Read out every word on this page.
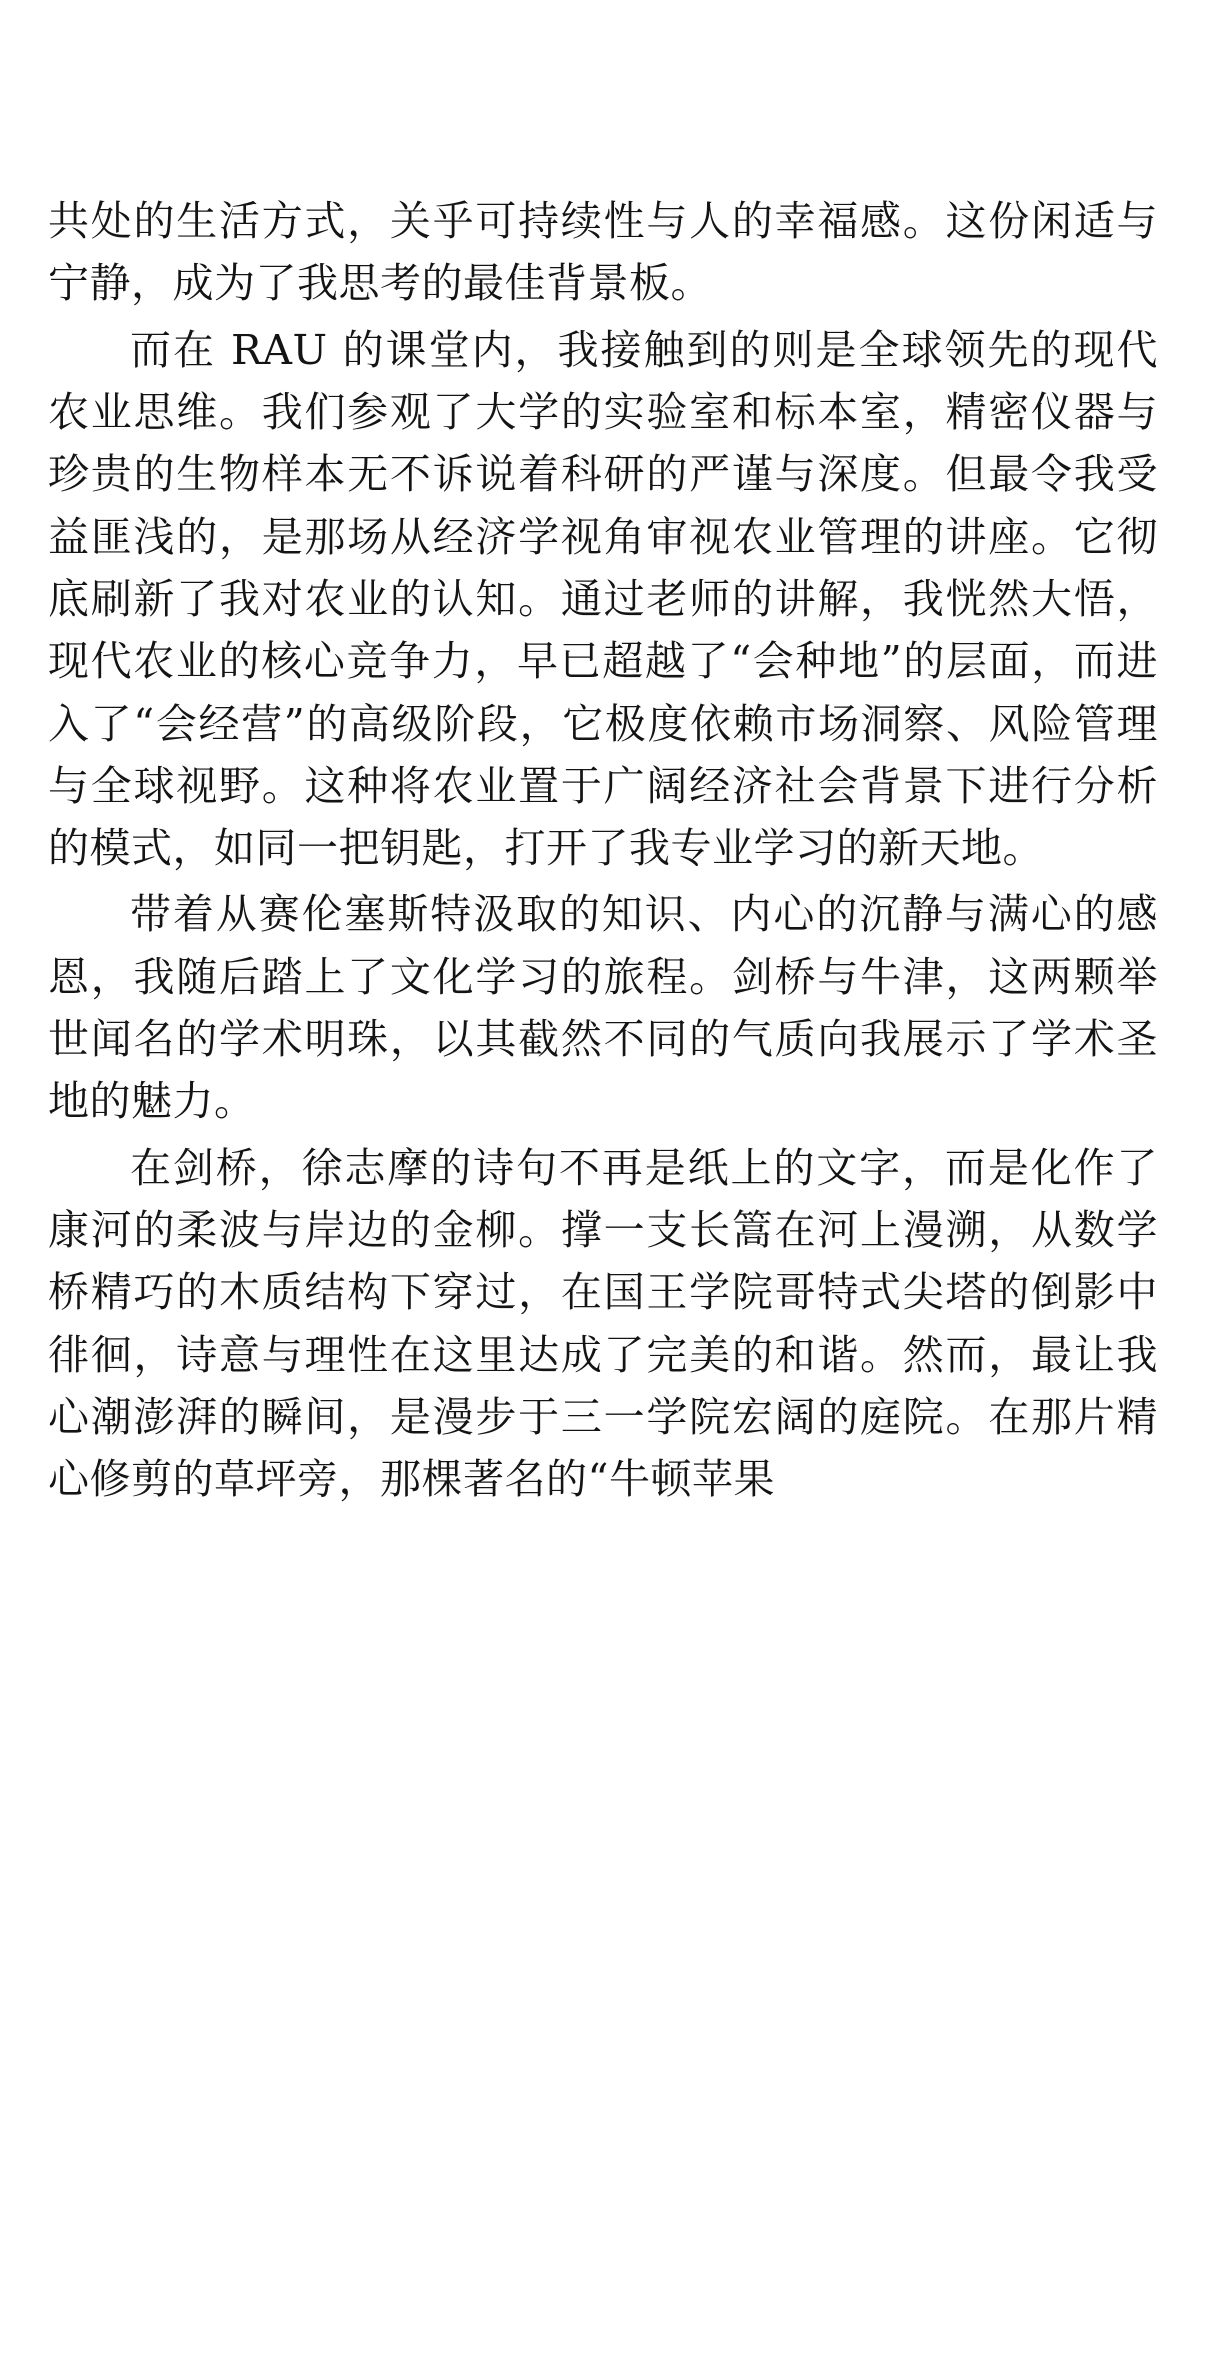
共处的生活方式，关乎可持续性与人的幸福感。这份闲适与宁静，成为了我思考的最佳背景板。

而在 RAU 的课堂内，我接触到的则是全球领先的现代农业思维。我们参观了大学的实验室和标本室，精密仪器与珍贵的生物样本无不诉说着科研的严谨与深度。但最令我受益匪浅的，是那场从经济学视角审视农业管理的讲座。它彻底刷新了我对农业的认知。通过老师的讲解，我恍然大悟，现代农业的核心竞争力，早已超越了“会种地”的层面，而进入了“会经营”的高级阶段，它极度依赖市场洞察、风险管理与全球视野。这种将农业置于广阔经济社会背景下进行分析的模式，如同一把钥匙，打开了我专业学习的新天地。

带着从赛伦塞斯特汲取的知识、内心的沉静与满心的感恩，我随后踏上了文化学习的旅程。剑桥与牛津，这两颗举世闻名的学术明珠，以其截然不同的气质向我展示了学术圣地的魅力。

在剑桥，徐志摩的诗句不再是纸上的文字，而是化作了康河的柔波与岸边的金柳。撑一支长篙在河上漫溯，从数学桥精巧的木质结构下穿过，在国王学院哥特式尖塔的倒影中徘徊，诗意与理性在这里达成了完美的和谐。然而，最让我心潮澎湃的瞬间，是漫步于三一学院宏阔的庭院。在那片精心修剪的草坪旁，那棵著名的“牛顿苹果
